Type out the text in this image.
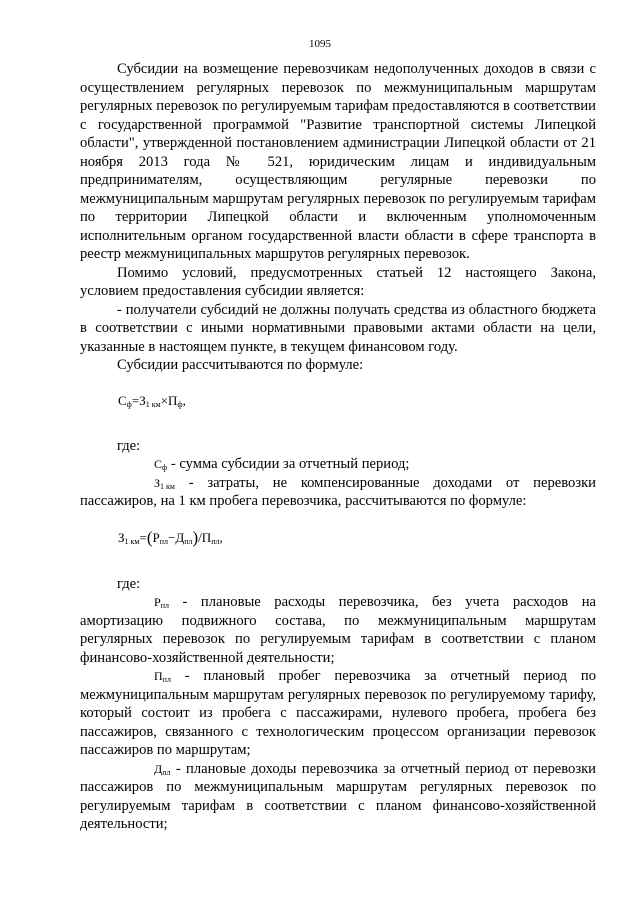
1095

Субсидии на возмещение перевозчикам недополученных доходов в связи с осуществлением регулярных перевозок по межмуниципальным маршрутам регулярных перевозок по регулируемым тарифам предоставляются в соответствии с государственной программой "Развитие транспортной системы Липецкой области", утвержденной постановлением администрации Липецкой области от 21 ноября 2013 года № 521, юридическим лицам и индивидуальным предпринимателям, осуществляющим регулярные перевозки по межмуниципальным маршрутам регулярных перевозок по регулируемым тарифам по территории Липецкой области и включенным уполномоченным исполнительным органом государственной власти области в сфере транспорта в реестр межмуниципальных маршрутов регулярных перевозок.

Помимо условий, предусмотренных статьей 12 настоящего Закона, условием предоставления субсидии является:

- получатели субсидий не должны получать средства из областного бюджета в соответствии с иными нормативными правовыми актами области на цели, указанные в настоящем пункте, в текущем финансовом году.

Субсидии рассчитываются по формуле:

$С_ф=З_{1 км}\times П_ф$,

где:

$С_ф$ - сумма субсидии за отчетный период;

$З_{1 км}$ - затраты, не компенсированные доходами от перевозки пассажиров, на 1 км пробега перевозчика, рассчитываются по формуле:

$З_{1 км}=(Р_{пл}-Д_{пл})/П_{пл}$,

где:

$Р_{пл}$ - плановые расходы перевозчика, без учета расходов на амортизацию подвижного состава, по межмуниципальным маршрутам регулярных перевозок по регулируемым тарифам в соответствии с планом финансово-хозяйственной деятельности;

$П_{пл}$ - плановый пробег перевозчика за отчетный период по межмуниципальным маршрутам регулярных перевозок по регулируемому тарифу, который состоит из пробега с пассажирами, нулевого пробега, пробега без пассажиров, связанного с технологическим процессом организации перевозок пассажиров по маршрутам;

$Д_{пл}$ - плановые доходы перевозчика за отчетный период от перевозки пассажиров по межмуниципальным маршрутам регулярных перевозок по регулируемым тарифам в соответствии с планом финансово-хозяйственной деятельности;
